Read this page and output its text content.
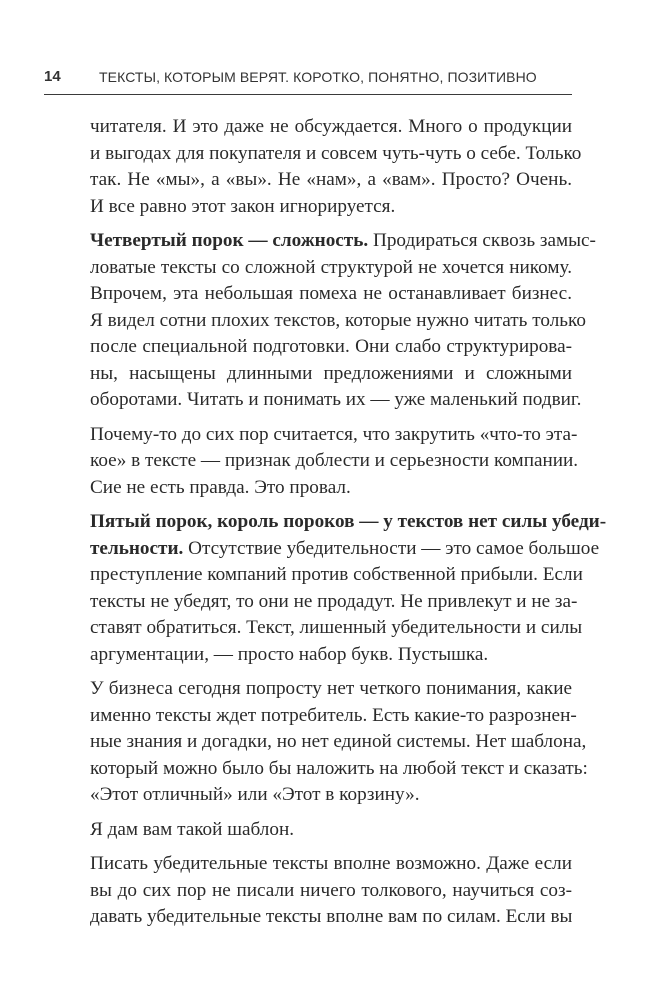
14	ТЕКСТЫ, КОТОРЫМ ВЕРЯТ. КОРОТКО, ПОНЯТНО, ПОЗИТИВНО
читателя. И это даже не обсуждается. Много о продукции
и выгодах для покупателя и совсем чуть-чуть о себе. Только
так. Не «мы», а «вы». Не «нам», а «вам». Просто? Очень.
И все равно этот закон игнорируется.
Четвертый порок — сложность. Продираться сквозь замыс-
ловатые тексты со сложной структурой не хочется никому.
Впрочем, эта небольшая помеха не останавливает бизнес.
Я видел сотни плохих текстов, которые нужно читать только
после специальной подготовки. Они слабо структурирова-
ны, насыщены длинными предложениями и сложными
оборотами. Читать и понимать их — уже маленький подвиг.
Почему-то до сих пор считается, что закрутить «что-то эта-
кое» в тексте — признак доблести и серьезности компании.
Сие не есть правда. Это провал.
Пятый порок, король пороков — у текстов нет силы убеди-
тельности. Отсутствие убедительности — это самое большое
преступление компаний против собственной прибыли. Если
тексты не убедят, то они не продадут. Не привлекут и не за-
ставят обратиться. Текст, лишенный убедительности и силы
аргументации, — просто набор букв. Пустышка.
У бизнеса сегодня попросту нет четкого понимания, какие
именно тексты ждет потребитель. Есть какие-то разрознен-
ные знания и догадки, но нет единой системы. Нет шаблона,
который можно было бы наложить на любой текст и сказать:
«Этот отличный» или «Этот в корзину».
Я дам вам такой шаблон.
Писать убедительные тексты вполне возможно. Даже если
вы до сих пор не писали ничего толкового, научиться соз-
давать убедительные тексты вполне вам по силам. Если вы
